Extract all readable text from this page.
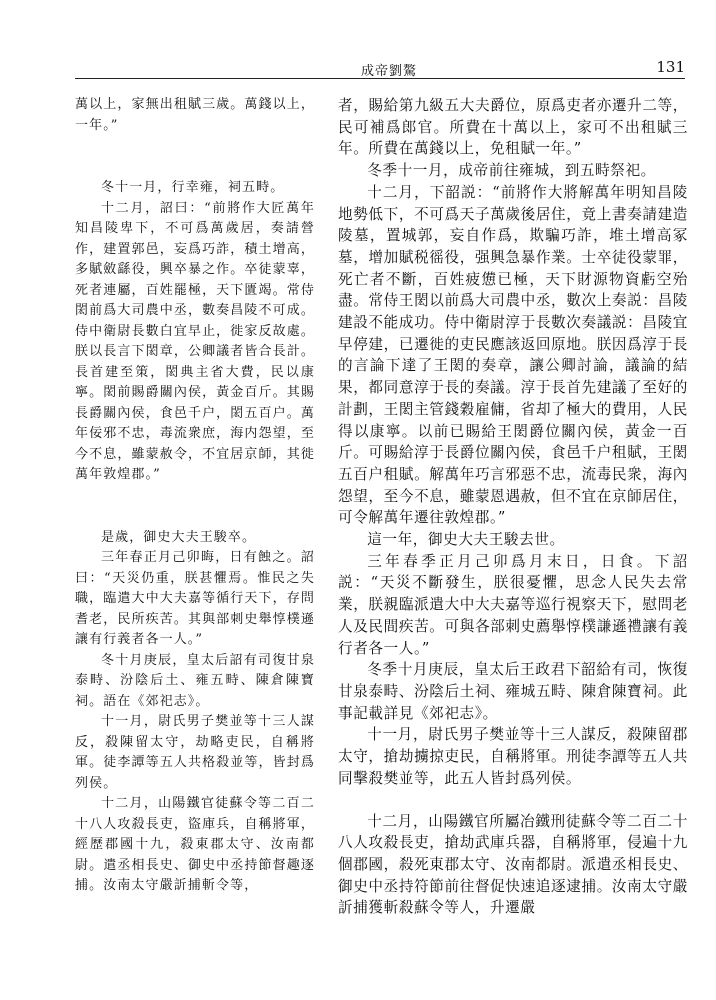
成帝劉驁	131

萬以上，家無出租賦三歲。萬錢以上，一年。”

冬十一月，行幸雍，祠五畤。

十二月，詔曰：“前將作大匠萬年知昌陵卑下，不可爲萬歲居，奏請營作，建置郭邑，妄爲巧詐，積土增高，多賦斂繇役，興卒暴之作。卒徒蒙辜，死者連屬，百姓罷極，天下匱竭。常侍閎前爲大司農中丞，數奏昌陵不可成。侍中衛尉長數白宜早止，徙家反故處。朕以長言下閎章，公卿議者皆合長計。長首建至策，閎典主省大費，民以康寧。閎前賜爵關內侯，黃金百斤。其賜長爵關內侯，食邑千户，閎五百户。萬年佞邪不忠，毒流衆庶，海内怨望，至今不息，雖蒙赦令，不宜居京師，其徙萬年敦煌郡。”

是歲，御史大夫王駿卒。

三年春正月己卯晦，日有蝕之。詔曰：“天災仍重，朕甚懼焉。惟民之失職，臨遣大中大夫嘉等循行天下，存問耆老，民所疾苦。其與部刺史舉惇樸遜讓有行義者各一人。”

冬十月庚辰，皇太后詔有司復甘泉泰畤、汾陰后土、雍五畤、陳倉陳寶祠。語在《郊祀志》。

十一月，尉氏男子樊並等十三人謀反，殺陳留太守，劫略吏民，自稱將軍。徒李譚等五人共格殺並等，皆封爲列侯。

十二月，山陽鐵官徒蘇令等二百二十八人攻殺長吏，盜庫兵，自稱將軍，經歷郡國十九，殺東郡太守、汝南都尉。遣丞相長史、御史中丞持節督趣逐捕。汝南太守嚴訢捕斬令等，

者，賜給第九級五大夫爵位，原爲吏者亦遷升二等，民可補爲郎官。所費在十萬以上，家可不出租賦三年。所費在萬錢以上，免租賦一年。”

冬季十一月，成帝前往雍城，到五畤祭祀。

十二月，下韶説：“前將作大將解萬年明知昌陵地勢低下，不可爲天子萬歲後居住，竟上書奏請建造陵墓，置城郭，妄自作爲，欺騙巧詐，堆土增高冢墓，增加賦税徭役，强興急暴作業。士卒徒役蒙罪，死亡者不斷，百姓疲憊已極，天下財源物資虧空殆盡。常侍王閎以前爲大司農中丞，數次上奏説：昌陵建設不能成功。侍中衛尉淳于長數次奏議説：昌陵宜早停建，已遷徙的吏民應該返回原地。朕因爲淳于長的言論下達了王閎的奏章，讓公卿討論，議論的結果，都同意淳于長的奏議。淳于長首先建議了至好的計劃，王閎主管錢穀雇傭，省却了極大的費用，人民得以康寧。以前已賜給王閎爵位關內侯，黃金一百斤。可賜給淳于長爵位關內侯，食邑千户租賦，王閎五百户租賦。解萬年巧言邪惡不忠，流毒民衆，海內怨望，至今不息，雖蒙恩遇赦，但不宜在京師居住，可令解萬年遷往敦煌郡。”

這一年，御史大夫王駿去世。

三年春季正月己卯爲月末日，日食。下詔説：“天災不斷發生，朕很憂懼，思念人民失去常業，朕親臨派遣大中大夫嘉等巡行視察天下，慰問老人及民間疾苦。可與各部刺史薦舉惇樸謙遜禮讓有義行者各一人。”

冬季十月庚辰，皇太后王政君下韶給有司，恢復甘泉泰畤、汾陰后土祠、雍城五畤、陳倉陳寶祠。此事記載詳見《郊祀志》。

十一月，尉氏男子樊並等十三人謀反，殺陳留郡太守，搶劫擄掠吏民，自稱將軍。刑徒李譚等五人共同擊殺樊並等，此五人皆封爲列侯。

十二月，山陽鐵官所屬冶鐵刑徒蘇令等二百二十八人攻殺長吏，搶劫武庫兵器，自稱將軍，侵遍十九個郡國，殺死東郡太守、汝南都尉。派遣丞相長史、御史中丞持符節前往督促快速追逐逮捕。汝南太守嚴訢捕獲斬殺蘇令等人，升遷嚴
